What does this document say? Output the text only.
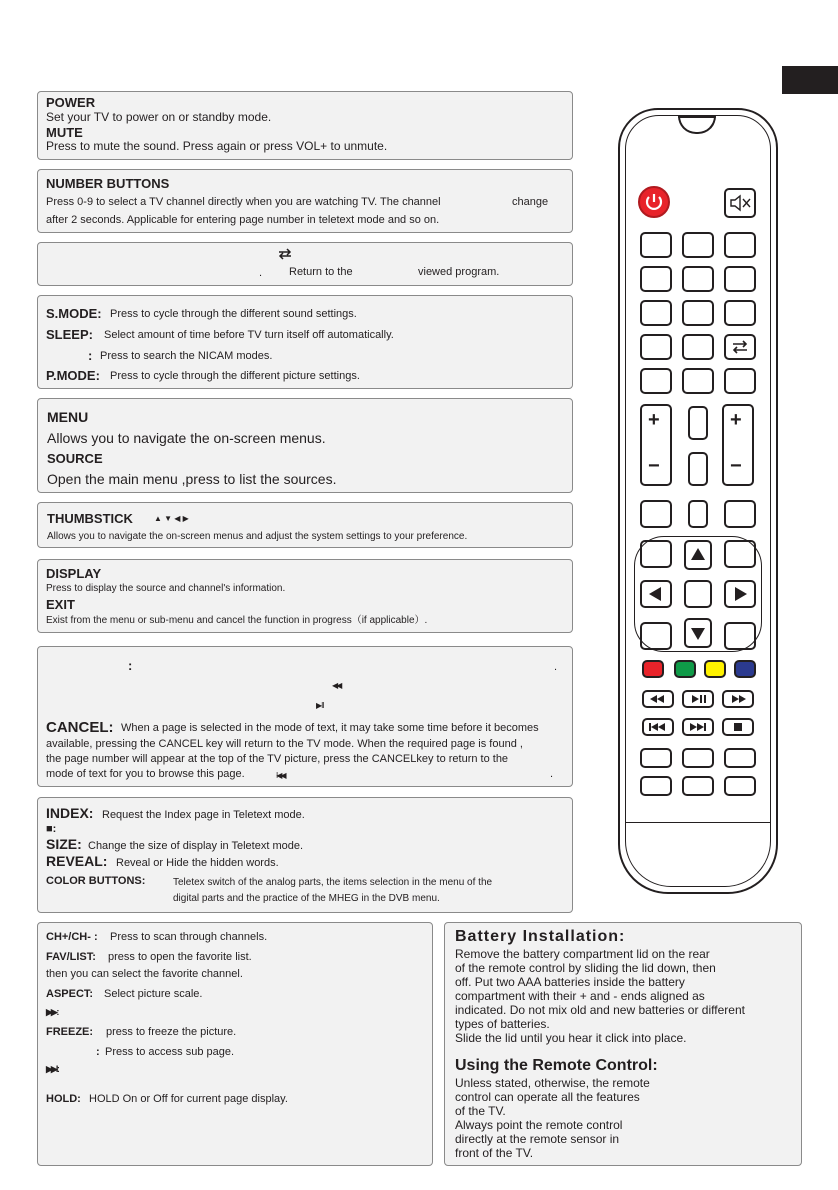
POWER
Set your TV to power on or standby mode.
MUTE
Press to mute the sound. Press again or press VOL+ to unmute.
NUMBER BUTTONS
Press 0-9 to select a TV channel directly when you are watching TV. The channel	change
after 2 seconds. Applicable for entering page number in teletext mode and so on.
. Return to the	viewed program.
S.MODE: Press to cycle through the different sound settings.
SLEEP: Select amount of time before TV turn itself off automatically.
: Press to search the NICAM modes.
P.MODE: Press to cycle through the different picture settings.
MENU
Allows you to navigate the on-screen menus.
SOURCE
Open the main menu ,press to list the sources.
THUMBSTICK	▲ ▼ ◀ ▶
Allows you to navigate the on-screen menus and adjust the system settings to your preference.
DISPLAY
Press to display the source and channel's information.
EXIT
Exist from the menu or sub-menu and cancel the function in progress（if applicable）.
:	.
◀◀
▶II
CANCEL: When a page is selected in the mode of text, it may take some time before it becomes
available, pressing the CANCEL key will return to the TV mode. When the required page is found ,
the page number will appear at the top of the TV picture, press the CANCELkey to return to the
mode of text for you to browse this page.	I◀◀	.
INDEX: Request the Index page in Teletext mode.
■:
SIZE: Change the size of display in Teletext mode.
REVEAL: Reveal or Hide the hidden words.
COLOR BUTTONS:	Teletex switch of the analog parts, the items selection in the menu of the
digital parts and the practice of the MHEG in the DVB menu.
CH+/CH- : Press to scan through channels.
FAV/LIST: press to open the favorite list.
then you can select the favorite channel.
ASPECT: Select picture scale.
▶▶ :
FREEZE: press to freeze the picture.
: Press to access sub page.
▶▶I :
HOLD: HOLD On or Off for current page display.
Battery Installation:
Remove the battery compartment lid on the rear
of the remote control by sliding the lid down, then
off. Put two AAA batteries inside the battery
compartment with their + and - ends aligned as
indicated. Do not mix old and new batteries or different
types of batteries.
Slide the lid until you hear it click into place.
Using the Remote Control:
Unless stated, otherwise, the remote
control can operate all the features
of the TV.
Always point the remote control
directly at the remote sensor in
front of the TV.
+
−
+
−
